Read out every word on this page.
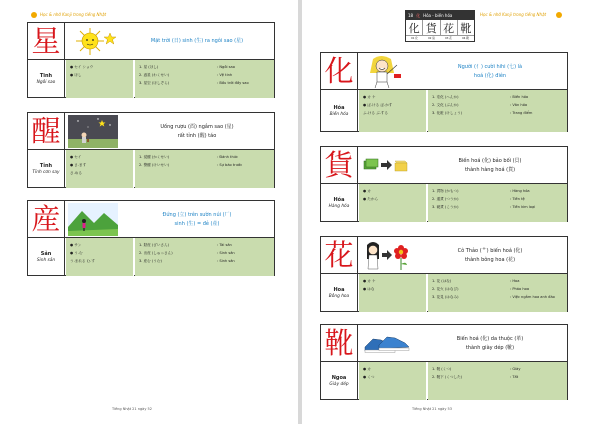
Học & nhớ Kanji trong tiếng Nhật
星	Mặt trời (日) sinh (生) ra ngôi sao (星)
Tinh
Ngôi sao
● セイ ショウ
● ほし
1. 星 (ほし)	: Ngôi sao
2. 惑星 (わくせい)	: Vệ tinh
3. 星空 (ほしぞら)	: Bầu trời đầy sao
醒	Uống rượu (酉) ngắm sao (星)
rất tỉnh (醒) táo
Tỉnh
Tỉnh cơn say
● セイ
● さ.ます
さ.める
1. 覚醒 (かくせい)	: Đánh thức
2. 警醒 (けいせい)	: Sự báo trước
産	Đứng (立) trên sườn núi (厂)
sinh (生) = đẻ (産)
Sản
Sinh sản
● サン
● う.む
う.まれる む.す
1. 財産 (ざいさん)	: Tài sản
2. 出産 (しゅっさん)	: Sinh sản
3. 産む (うむ)	: Sinh sản
Tiếng Nhật 21 ngày 52
18 化 Hóa - biến hóa
化 貨 花 靴
01 化	02 貨	03 花	04 靴
Học & nhớ Kanji trong tiếng Nhật
化	Người (亻) cười hihi (七) là
hoá (化) điên
Hóa
Biến hóa
● カ ケ
● ば.ける ば.かす
ふ.ける ぶ.する
1. 変化 (へんか)	: Biến hóa
2. 文化 (ぶんか)	: Văn hóa
3. 化粧 (けしょう)	: Trang điểm
貨	Biến hoá (化) bảo bối (貝)
thành hàng hoá (貨)
Hóa
Hàng hóa
● カ
● たから
1. 貨物 (かもつ)	: Hàng hóa
2. 通貨 (つうか)	: Tiền tệ
3. 硬貨 (こうか)	: Tiền kim loại
花	Cô Thảo (艹) biến hoá (化)
thành bông hoa (花)
Hoa
Bông hoa
● カ ケ
● はな
1. 花 (はな)	: Hoa
2. 花火 (はなび)	: Pháo hoa
3. 花見 (はなみ)	: Việc ngắm hoa anh đào
靴	Biến hoá (化) da thuộc (革)
thành giày dép (靴)
Ngoa
Giày dép
● カ
● くつ
1. 靴 (くつ)	: Giày
2. 靴下 (くつした)	: Tất
Tiếng Nhật 21 ngày 53
